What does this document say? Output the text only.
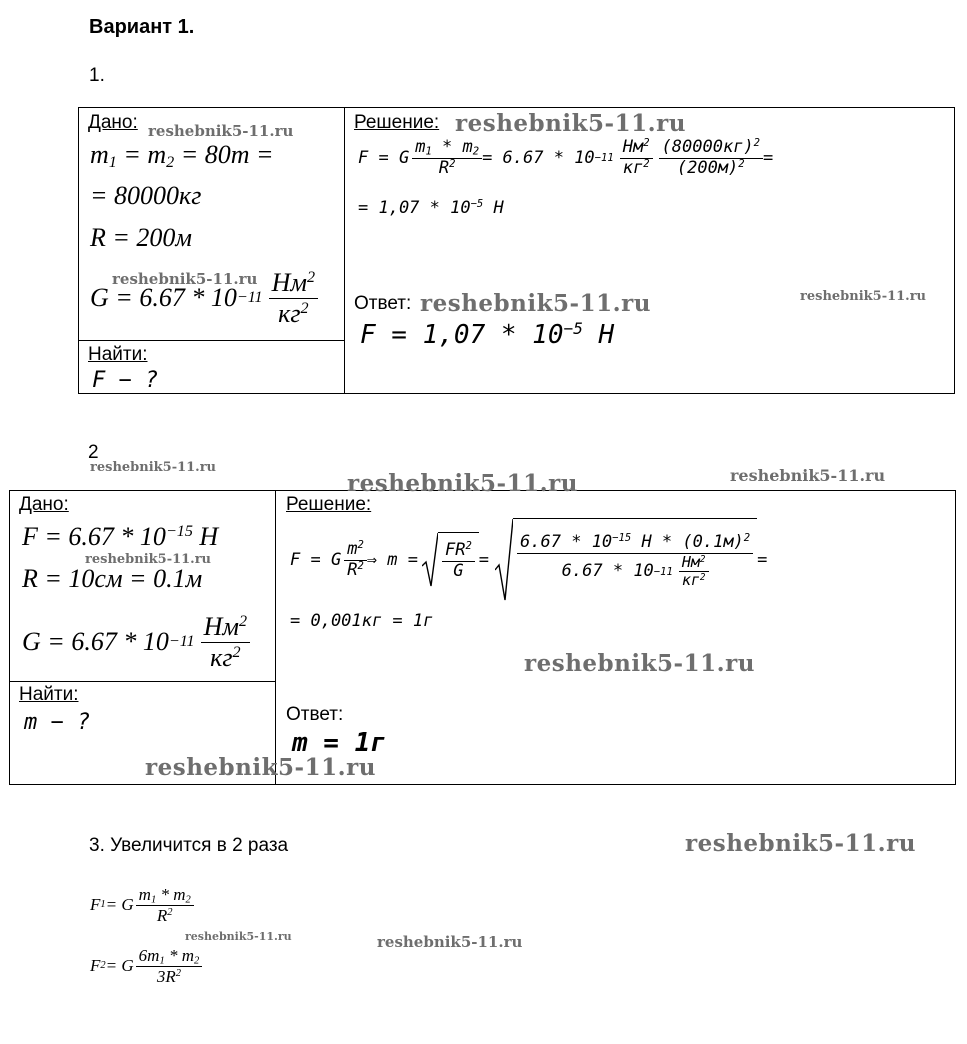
Вариант 1.
1.
Дано:
$m_1 = m_2 = 80т$ =
= 80000кг
R = 200м
$G = 6.67 * 10 -11 \frac{Нм^2}{кг^2}$
Найти:
F − ?
Решение:
F = G $\frac{m_1 * m_2}{R^2} = 6.67 * 10 -11 \frac{Нм^2}{кг^2} \frac{(80000кг)^2}{(200м)^2}$ =
= $1,07 * 10^{-5}$ Н
Ответ:
$F = 1,07 * 10^{-5}$ Н
2
Дано:
$F = 6.67 * 10^{-15}$ Н
R = 10см = 0.1м
$G = 6.67 * 10 -11 \frac{Нм^2}{кг^2}$
Найти:
m − ?
Решение:
F = G $\frac{m^2}{R^2}$ ⇒ $m = \frac{FR^2}{G} = \frac{6.67 * 10^{-15} Н * (0.1м)^2}{6.67 * 10 -11 \frac{Нм^2}{кг^2}}$ =
= 0,001кг = 1г
Ответ:
m = 1г
3. Увеличится в 2 раза
F 1 = G $\frac{m_1 * m_2}{R^2}$
F 2 = G $\frac{6m_1 * m_2}{3R^2}$
reshebnik5-11.ru	reshebnik5-11.ru
reshebnik5-11.ru
reshebnik5-11.ru	reshebnik5-11.ru
reshebnik5-11.ru
reshebnik5-11.ru	reshebnik5-11.ru
reshebnik5-11.ru
reshebnik5-11.ru
reshebnik5-11.ru
reshebnik5-11.ru
reshebnik5-11.ru	reshebnik5-11.ru
